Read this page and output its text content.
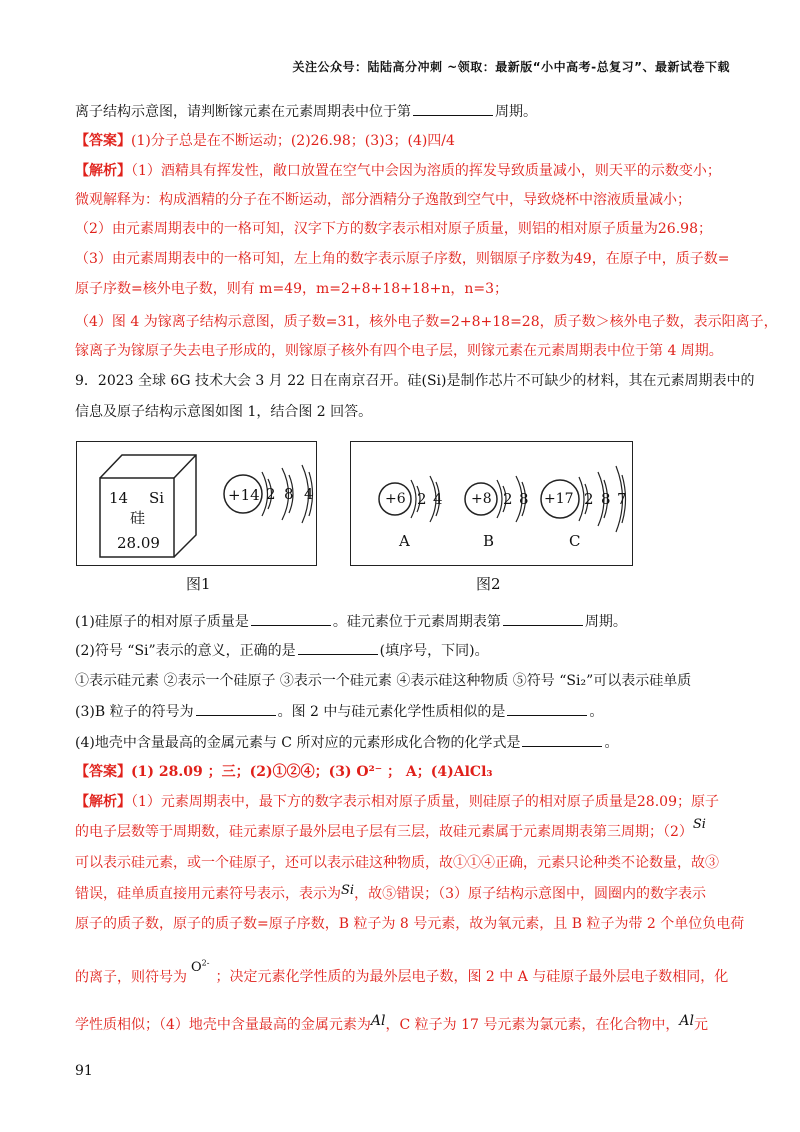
关注公众号：陆陆高分冲刺 ~领取：最新版“小中高考-总复习”、最新试卷下载
离子结构示意图，请判断镓元素在元素周期表中位于第	周期。
【答案】(1)分子总是在不断运动；(2)26.98；(3)3；(4)四/4
【解析】（1）酒精具有挥发性，敞口放置在空气中会因为溶质的挥发导致质量减小，则天平的示数变小；
微观解释为：构成酒精的分子在不断运动，部分酒精分子逸散到空气中，导致烧杯中溶液质量减小；
（2）由元素周期表中的一格可知，汉字下方的数字表示相对原子质量，则铝的相对原子质量为26.98；
（3）由元素周期表中的一格可知，左上角的数字表示原子序数，则铟原子序数为49，在原子中，质子数=
原子序数=核外电子数，则有 m=49，m=2+8+18+18+n，n=3；
（4）图 4 为镓离子结构示意图，质子数=31，核外电子数=2+8+18=28，质子数＞核外电子数，表示阳离子，
镓离子为镓原子失去电子形成的，则镓原子核外有四个电子层，则镓元素在元素周期表中位于第 4 周期。
9．2023 全球 6G 技术大会 3 月 22 日在南京召开。硅(Si)是制作芯片不可缺少的材料，其在元素周期表中的
信息及原子结构示意图如图 1，结合图 2 回答。
14 Si
硅
28.09
+14 2 8 4
图1
+6 2 4
A
+8 2 8
B
+17 2 8 7
C
图2
(1)硅原子的相对原子质量是	。硅元素位于元素周期表第	周期。
(2)符号 “Si”表示的意义，正确的是	(填序号，下同)。
①表示硅元素 ②表示一个硅原子 ③表示一个硅元素 ④表示硅这种物质 ⑤符号 “Si₂”可以表示硅单质
(3)B 粒子的符号为	。图 2 中与硅元素化学性质相似的是	。
(4)地壳中含量最高的金属元素与 C 所对应的元素形成化合物的化学式是	。
【答案】(1) 28.09 ；三；(2)①②④；(3) O²⁻ ； A；(4)AlCl₃
【解析】（1）元素周期表中，最下方的数字表示相对原子质量，则硅原子的相对原子质量是28.09；原子
的电子层数等于周期数，硅元素原子最外层电子层有三层，故硅元素属于元素周期表第三周期；（2）Si
可以表示硅元素，或一个硅原子，还可以表示硅这种物质，故①①④正确，元素只论种类不论数量，故③
错误，硅单质直接用元素符号表示，表示为Si，故⑤错误；（3）原子结构示意图中，圆圈内的数字表示
原子的质子数，原子的质子数=原子序数，B 粒子为 8 号元素，故为氧元素，且 B 粒子为带 2 个单位负电荷
的离子，则符号为$O^{2-}$；决定元素化学性质的为最外层电子数，图 2 中 A 与硅原子最外层电子数相同，化
学性质相似；（4）地壳中含量最高的金属元素为Al，C 粒子为 17 号元素为氯元素，在化合物中，Al元
91
